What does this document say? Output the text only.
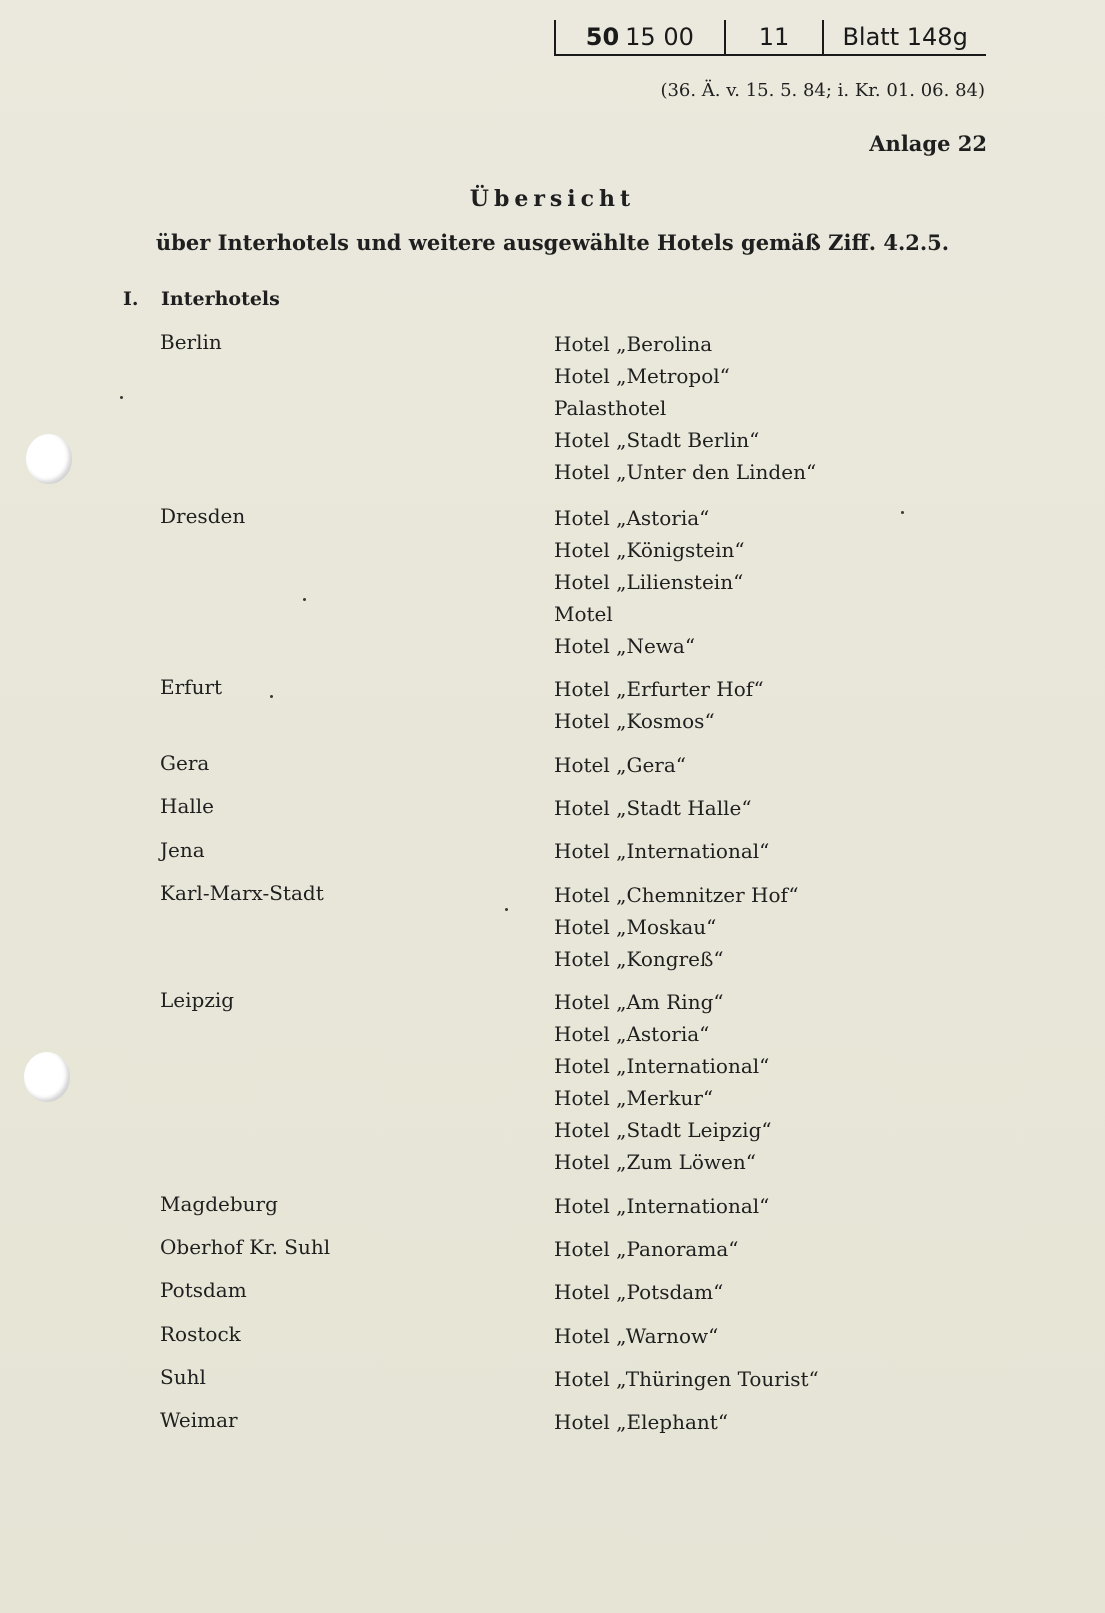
50 15 00	11	Blatt 148g
(36. Ä. v. 15. 5. 84; i. Kr. 01. 06. 84)
Anlage 22
Übersicht
über Interhotels und weitere ausgewählte Hotels gemäß Ziff. 4.2.5.
I. Interhotels
Berlin	Hotel „Berolina
Hotel „Metropol“
Palasthotel
Hotel „Stadt Berlin“
Hotel „Unter den Linden“
Dresden	Hotel „Astoria“
Hotel „Königstein“
Hotel „Lilienstein“
Motel
Hotel „Newa“
Erfurt	Hotel „Erfurter Hof“
Hotel „Kosmos“
Gera	Hotel „Gera“
Halle	Hotel „Stadt Halle“
Jena	Hotel „International“
Karl-Marx-Stadt	Hotel „Chemnitzer Hof“
Hotel „Moskau“
Hotel „Kongreß“
Leipzig	Hotel „Am Ring“
Hotel „Astoria“
Hotel „International“
Hotel „Merkur“
Hotel „Stadt Leipzig“
Hotel „Zum Löwen“
Magdeburg	Hotel „International“
Oberhof Kr. Suhl	Hotel „Panorama“
Potsdam	Hotel „Potsdam“
Rostock	Hotel „Warnow“
Suhl	Hotel „Thüringen Tourist“
Weimar	Hotel „Elephant“
